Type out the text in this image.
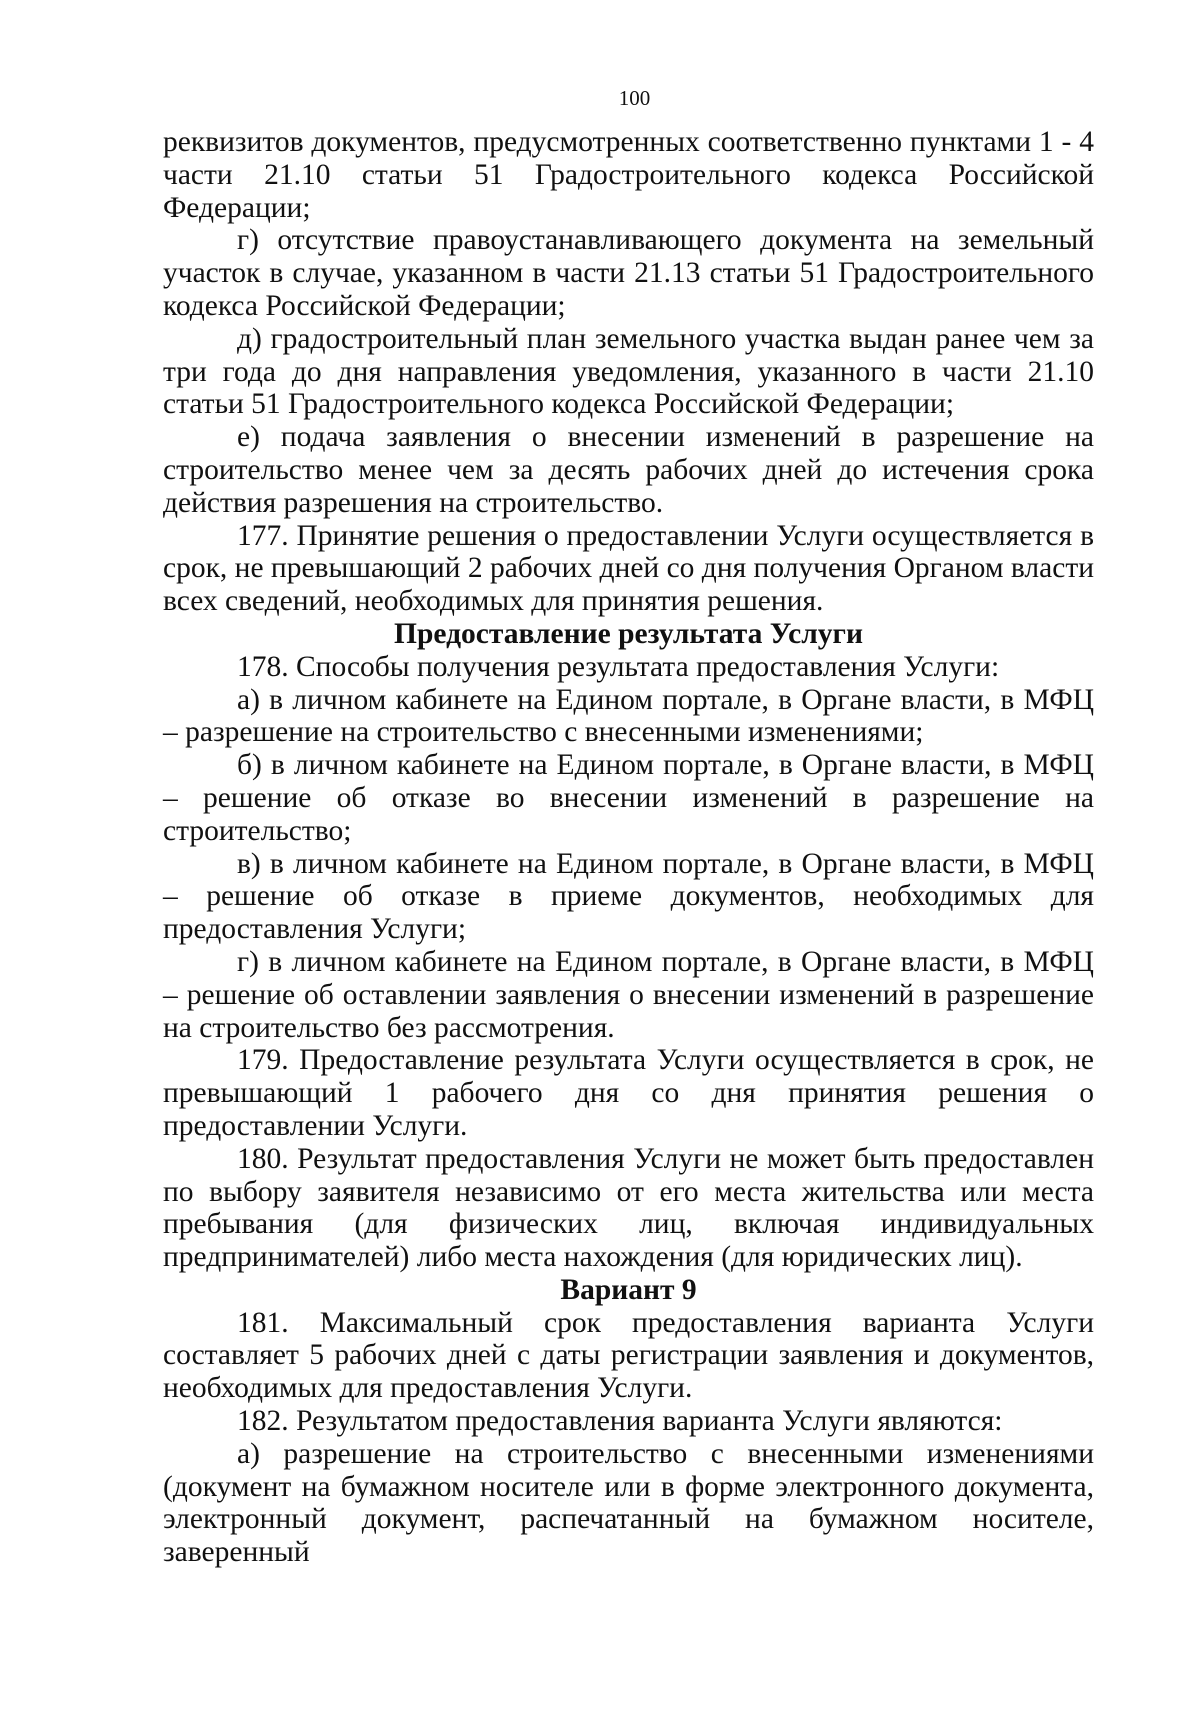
100

реквизитов документов, предусмотренных соответственно пунктами 1 - 4 части 21.10 статьи 51 Градостроительного кодекса Российской Федерации;

г) отсутствие правоустанавливающего документа на земельный участок в случае, указанном в части 21.13 статьи 51 Градостроительного кодекса Российской Федерации;

д) градостроительный план земельного участка выдан ранее чем за три года до дня направления уведомления, указанного в части 21.10 статьи 51 Градостроительного кодекса Российской Федерации;

е) подача заявления о внесении изменений в разрешение на строительство менее чем за десять рабочих дней до истечения срока действия разрешения на строительство.

177. Принятие решения о предоставлении Услуги осуществляется в срок, не превышающий 2 рабочих дней со дня получения Органом власти всех сведений, необходимых для принятия решения.

Предоставление результата Услуги

178. Способы получения результата предоставления Услуги:

а) в личном кабинете на Едином портале, в Органе власти, в МФЦ – разрешение на строительство с внесенными изменениями;

б) в личном кабинете на Едином портале, в Органе власти, в МФЦ – решение об отказе во внесении изменений в разрешение на строительство;

в) в личном кабинете на Едином портале, в Органе власти, в МФЦ – решение об отказе в приеме документов, необходимых для предоставления Услуги;

г) в личном кабинете на Едином портале, в Органе власти, в МФЦ – решение об оставлении заявления о внесении изменений в разрешение на строительство без рассмотрения.

179. Предоставление результата Услуги осуществляется в срок, не превышающий 1 рабочего дня со дня принятия решения о предоставлении Услуги.

180. Результат предоставления Услуги не может быть предоставлен по выбору заявителя независимо от его места жительства или места пребывания (для физических лиц, включая индивидуальных предпринимателей) либо места нахождения (для юридических лиц).

Вариант 9

181. Максимальный срок предоставления варианта Услуги составляет 5 рабочих дней с даты регистрации заявления и документов, необходимых для предоставления Услуги.

182. Результатом предоставления варианта Услуги являются:

а) разрешение на строительство с внесенными изменениями (документ на бумажном носителе или в форме электронного документа, электронный документ, распечатанный на бумажном носителе, заверенный
